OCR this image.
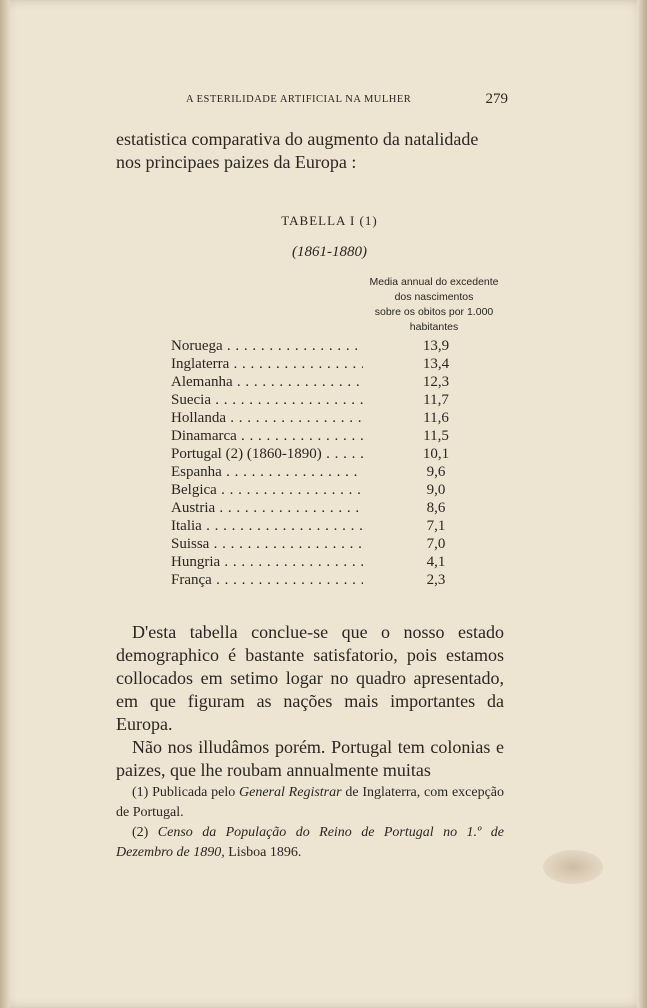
A ESTERILIDADE ARTIFICIAL NA MULHER	279
estatistica comparativa do augmento da natalidade
nos principaes paizes da Europa :
TABELLA I (1)
(1861-1880)
Media annual do excedente
dos nascimentos
sobre os obitos por 1.000
habitantes
Noruega . . .	13,9
Inglaterra . . .	13,4
Alemanha . . .	12,3
Suecia . . .	11,7
Hollanda . . .	11,6
Dinamarca . . .	11,5
Portugal (2) (1860-1890) . . .	10,1
Espanha . . .	9,6
Belgica . . .	9,0
Austria . . .	8,6
Italia . . .	7,1
Suissa . . .	7,0
Hungria . . .	4,1
França . . .	2,3

D'esta tabella conclue-se que o nosso estado demographico é bastante satisfatorio, pois estamos collocados em setimo logar no quadro apresentado, em que figuram as nações mais importantes da Europa.

Não nos illudâmos porém. Portugal tem colonias e paizes, que lhe roubam annualmente muitas

(1) Publicada pelo General Registrar de Inglaterra, com excepção de Portugal.

(2) Censo da População do Reino de Portugal no 1.º de Dezembro de 1890, Lisboa 1896.
